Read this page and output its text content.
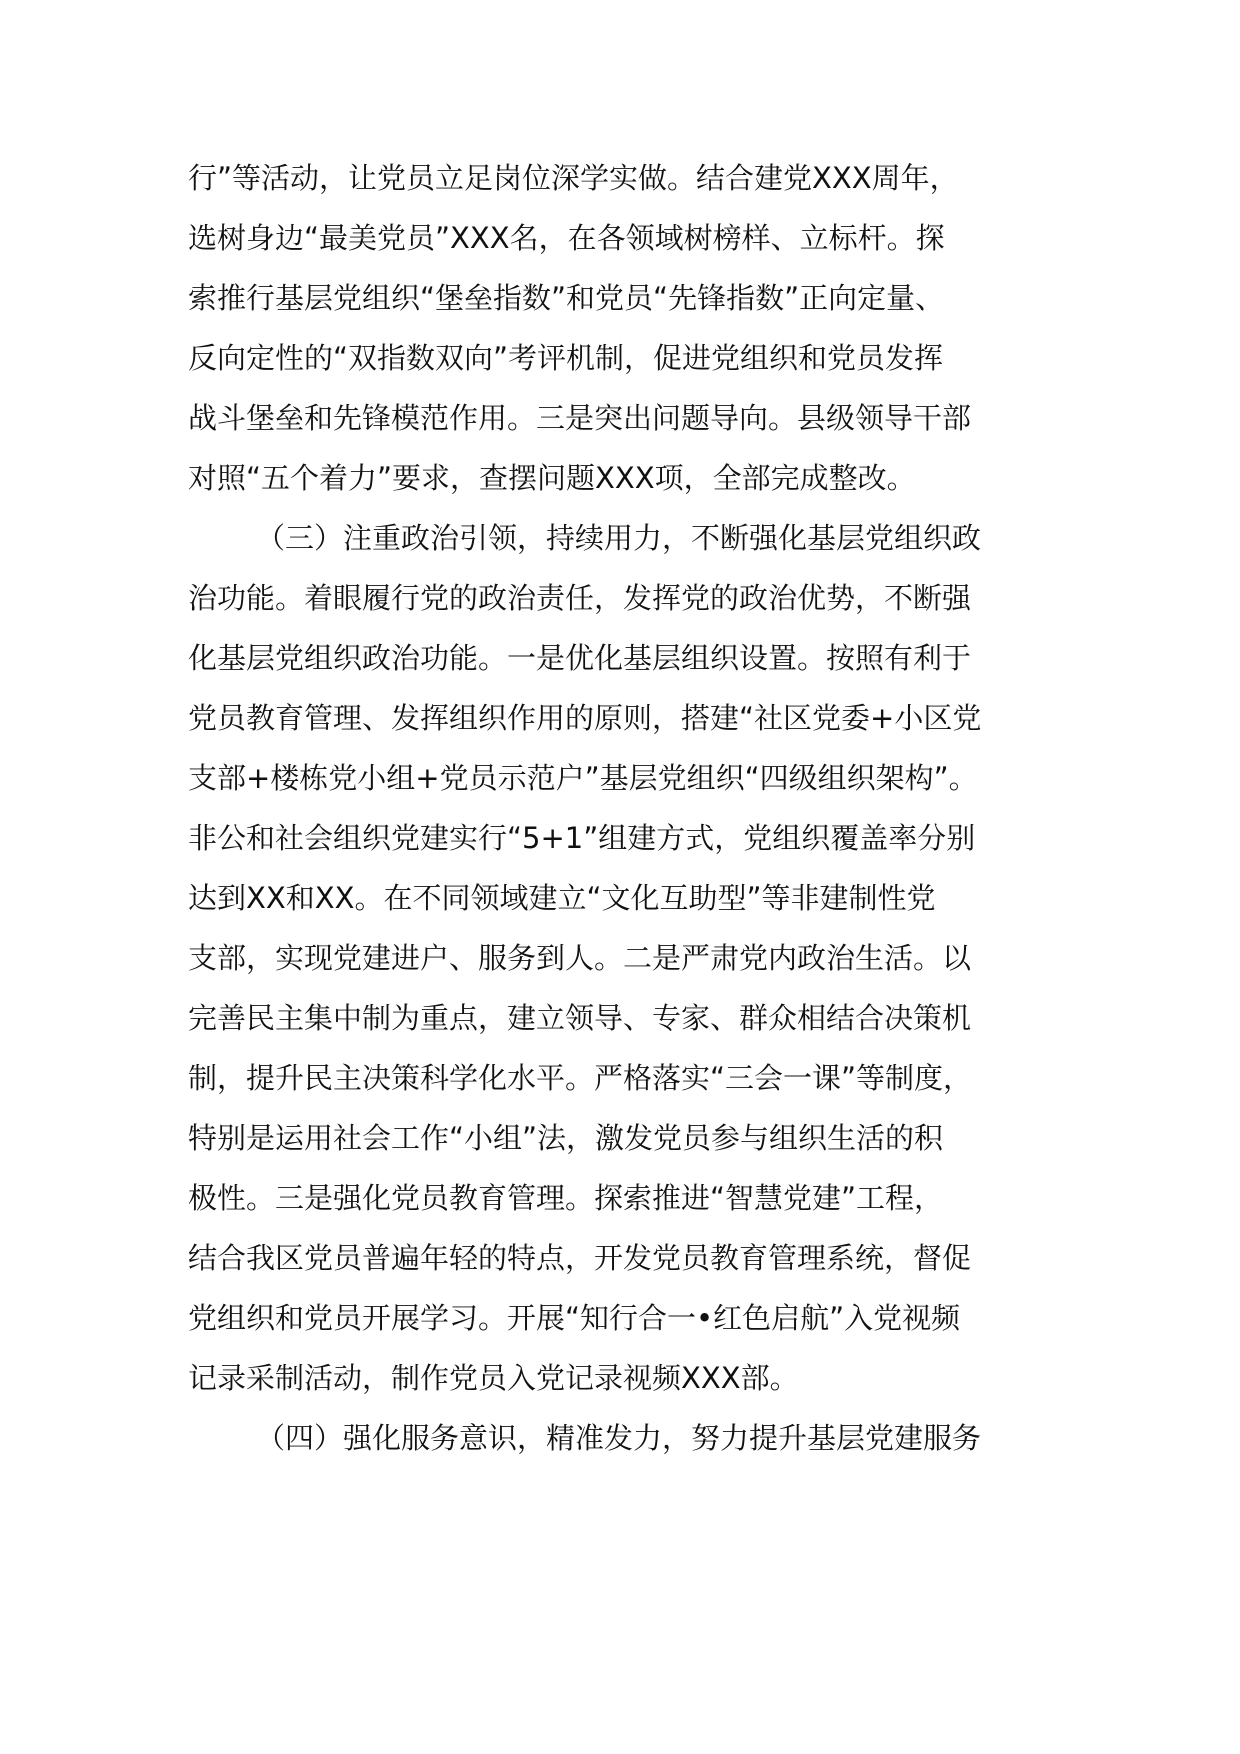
行”等活动，让党员立足岗位深学实做。结合建党XXX周年，
选树身边“最美党员”XXX名，在各领域树榜样、立标杆。探
索推行基层党组织“堡垒指数”和党员“先锋指数”正向定量、
反向定性的“双指数双向”考评机制，促进党组织和党员发挥
战斗堡垒和先锋模范作用。三是突出问题导向。县级领导干部
对照“五个着力”要求，查摆问题XXX项，全部完成整改。
（三）注重政治引领，持续用力，不断强化基层党组织政
治功能。着眼履行党的政治责任，发挥党的政治优势，不断强
化基层党组织政治功能。一是优化基层组织设置。按照有利于
党员教育管理、发挥组织作用的原则，搭建“社区党委+小区党
支部+楼栋党小组+党员示范户”基层党组织“四级组织架构”。
非公和社会组织党建实行“5+1”组建方式，党组织覆盖率分别
达到XX和XX。在不同领域建立“文化互助型”等非建制性党
支部，实现党建进户、服务到人。二是严肃党内政治生活。以
完善民主集中制为重点，建立领导、专家、群众相结合决策机
制，提升民主决策科学化水平。严格落实“三会一课”等制度，
特别是运用社会工作“小组”法，激发党员参与组织生活的积
极性。三是强化党员教育管理。探索推进“智慧党建”工程，
结合我区党员普遍年轻的特点，开发党员教育管理系统，督促
党组织和党员开展学习。开展“知行合一•红色启航”入党视频
记录采制活动，制作党员入党记录视频XXX部。
（四）强化服务意识，精准发力，努力提升基层党建服务
